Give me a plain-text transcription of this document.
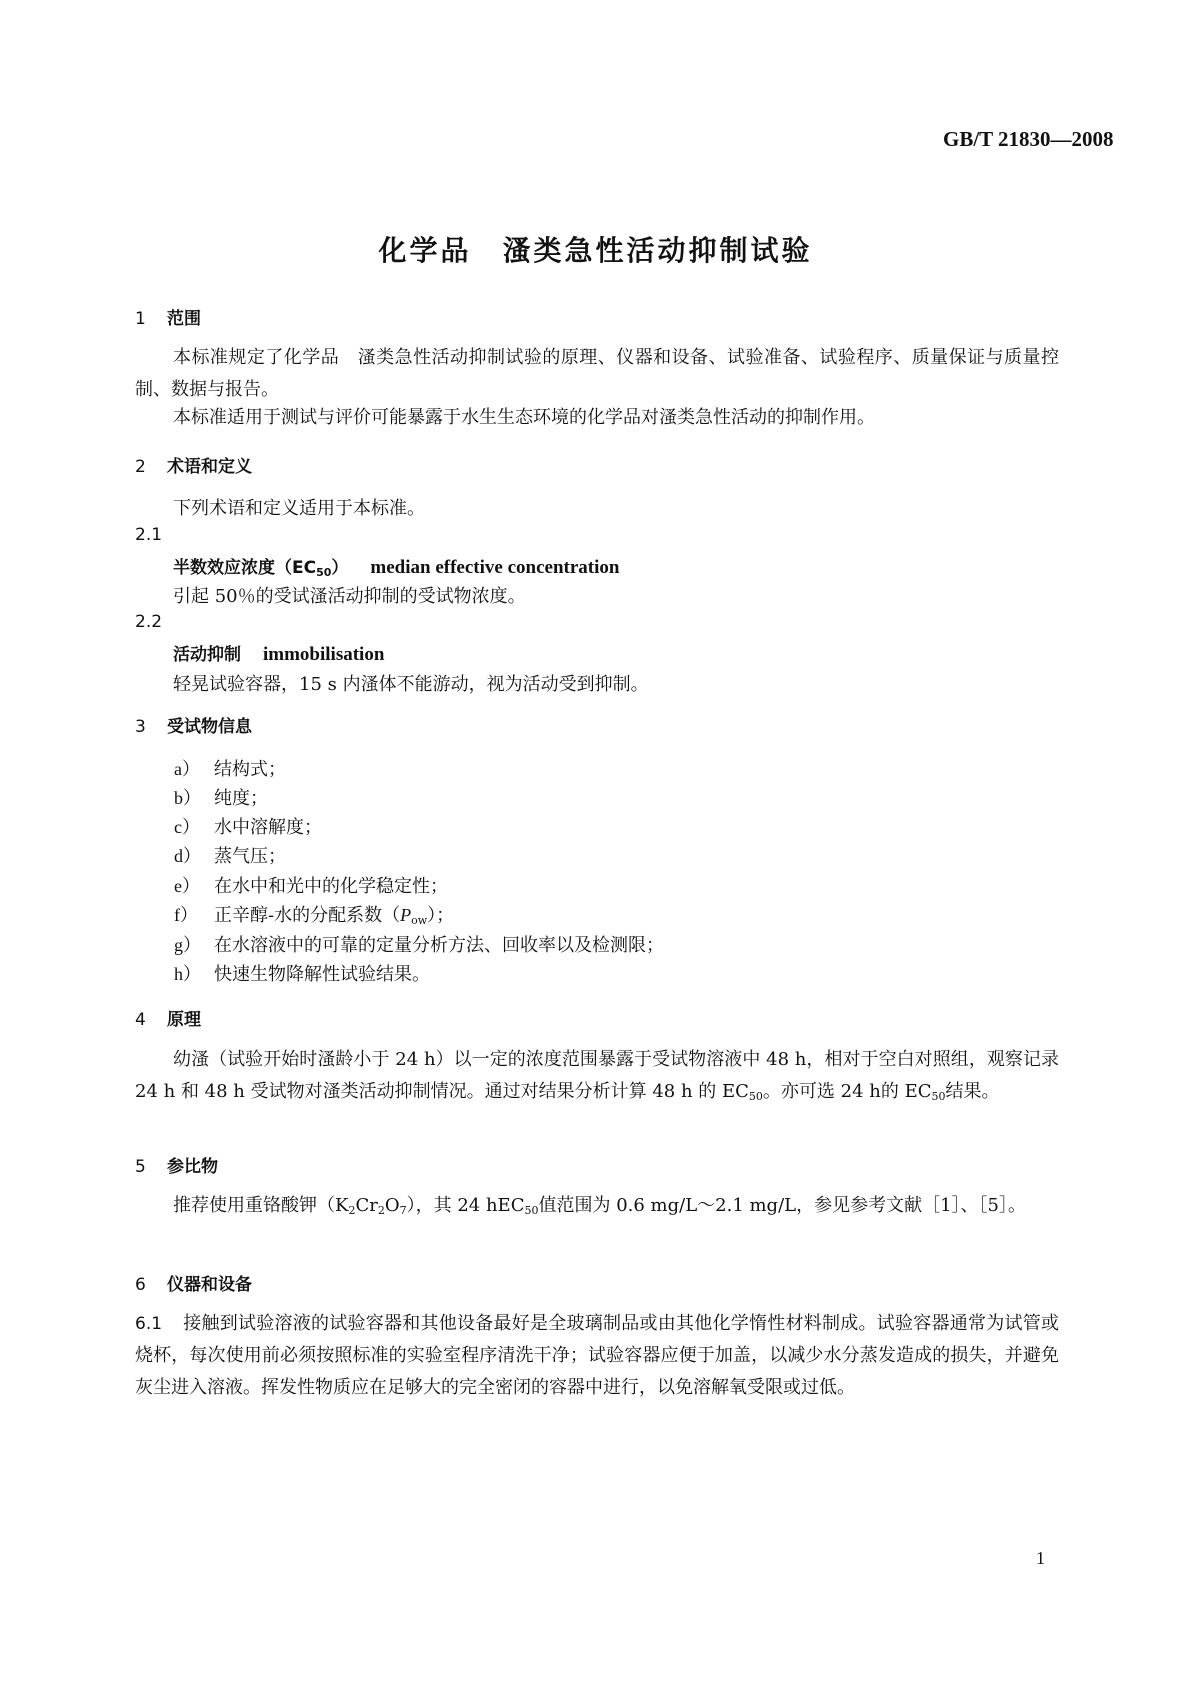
GB/T 21830—2008
化学品　溞类急性活动抑制试验
1 范围
本标准规定了化学品　溞类急性活动抑制试验的原理、仪器和设备、试验准备、试验程序、质量保证与质量控制、数据与报告。
本标准适用于测试与评价可能暴露于水生生态环境的化学品对溞类急性活动的抑制作用。
2 术语和定义
下列术语和定义适用于本标准。
2.1
半数效应浓度$(EC_{50})$ median effective concentration
引起 50％的受试溞活动抑制的受试物浓度。
2.2
活动抑制 immobilisation
轻晃试验容器，15 s 内溞体不能游动，视为活动受到抑制。
3 受试物信息
a） 结构式；
b） 纯度；
c） 水中溶解度；
d） 蒸气压；
e） 在水中和光中的化学稳定性；
f） 正辛醇-水的分配系数$(P_{ow})$；
g） 在水溶液中的可靠的定量分析方法、回收率以及检测限；
h） 快速生物降解性试验结果。
4 原理
幼溞（试验开始时溞龄小于 24 h）以一定的浓度范围暴露于受试物溶液中 48 h，相对于空白对照组，观察记录 24 h 和 48 h 受试物对溞类活动抑制情况。通过对结果分析计算 48 h 的 $EC_{50}$。亦可选 24 h的 $EC_{50}$结果。
5 参比物
推荐使用重铬酸钾$(K_2Cr_2O_7)$，其 24 hEC$_{50}$值范围为 0.6 mg/L～2.1 mg/L，参见参考文献［1］、［5］。
6 仪器和设备
6.1 接触到试验溶液的试验容器和其他设备最好是全玻璃制品或由其他化学惰性材料制成。试验容器通常为试管或烧杯，每次使用前必须按照标准的实验室程序清洗干净；试验容器应便于加盖，以减少水分蒸发造成的损失，并避免灰尘进入溶液。挥发性物质应在足够大的完全密闭的容器中进行，以免溶解氧受限或过低。
1
